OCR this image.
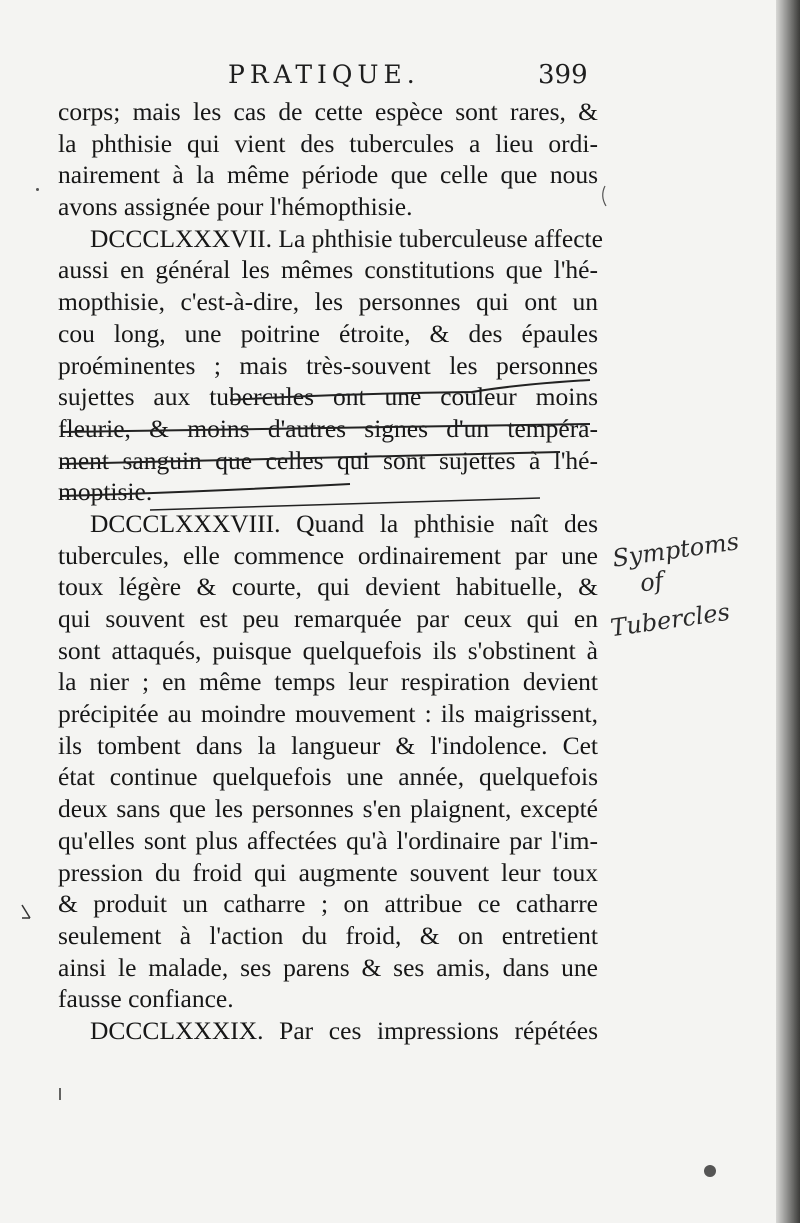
PRATIQUE.	399
corps; mais les cas de cette espèce sont rares, &
la phthisie qui vient des tubercules a lieu ordi-
nairement à la même période que celle que nous
avons assignée pour l'hémopthisie.
DCCCLXXXVII. La phthisie tuberculeuse affecte
aussi en général les mêmes constitutions que l'hé-
mopthisie, c'est-à-dire, les personnes qui ont un
cou long, une poitrine étroite, & des épaules
proéminentes ; mais très-souvent les personnes
sujettes aux tubercules ont une couleur moins
fleurie, & moins d'autres signes d'un tempéra-
ment sanguin que celles qui sont sujettes à l'hé-
moptisie.
DCCCLXXXVIII. Quand la phthisie naît des
tubercules, elle commence ordinairement par une
toux légère & courte, qui devient habituelle, &
qui souvent est peu remarquée par ceux qui en
sont attaqués, puisque quelquefois ils s'obstinent à
la nier ; en même temps leur respiration devient
précipitée au moindre mouvement : ils maigrissent,
ils tombent dans la langueur & l'indolence. Cet
état continue quelquefois une année, quelquefois
deux sans que les personnes s'en plaignent, excepté
qu'elles sont plus affectées qu'à l'ordinaire par l'im-
pression du froid qui augmente souvent leur toux
& produit un catharre ; on attribue ce catharre
seulement à l'action du froid, & on entretient
ainsi le malade, ses parens & ses amis, dans une
fausse confiance.
DCCCLXXXIX. Par ces impressions répétées
Symptoms
of
Tubercles
